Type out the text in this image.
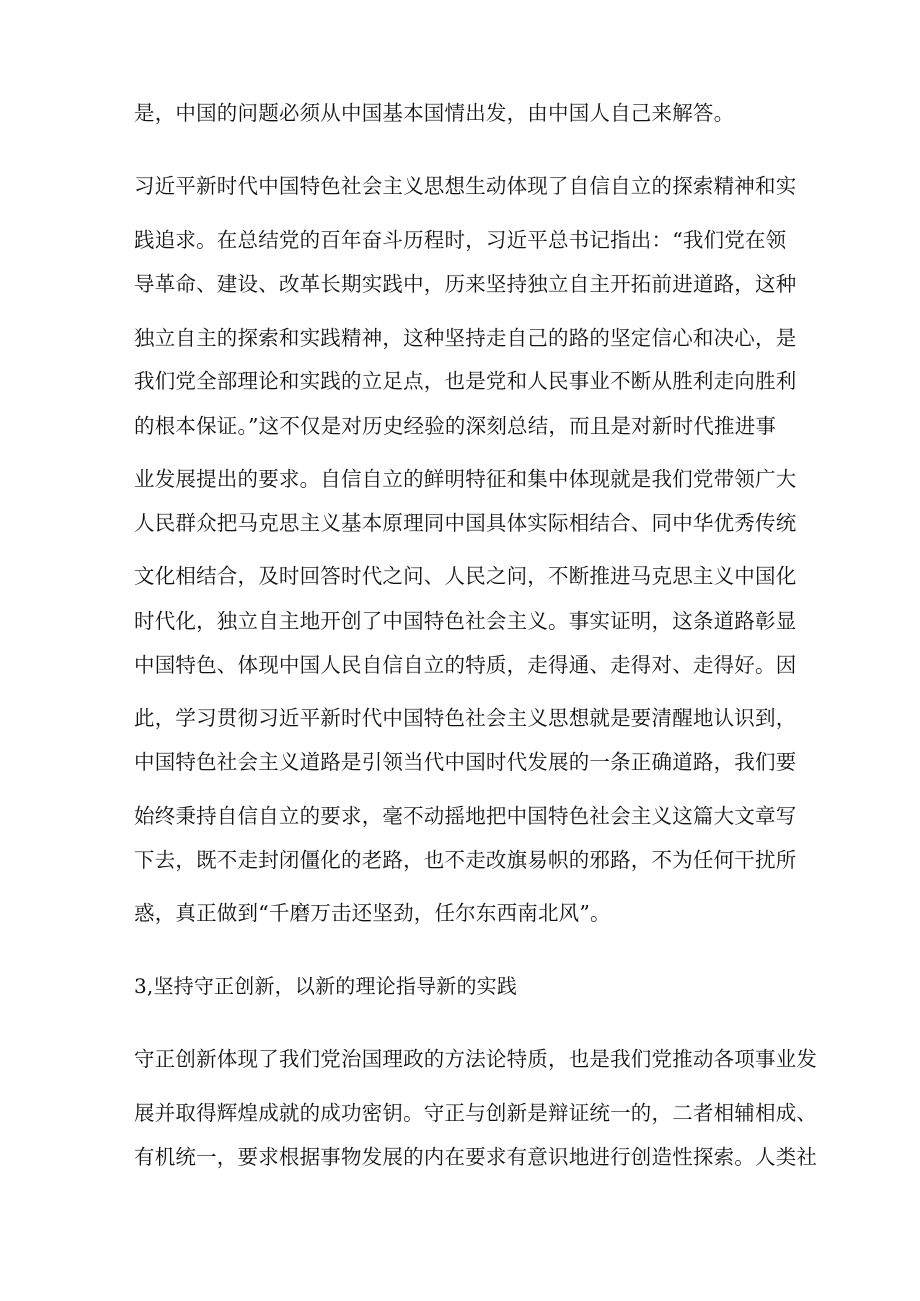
是，中国的问题必须从中国基本国情出发，由中国人自己来解答。

习近平新时代中国特色社会主义思想生动体现了自信自立的探索精神和实

践追求。在总结党的百年奋斗历程时，习近平总书记指出：“我们党在领

导革命、建设、改革长期实践中，历来坚持独立自主开拓前进道路，这种

独立自主的探索和实践精神，这种坚持走自己的路的坚定信心和决心，是

我们党全部理论和实践的立足点，也是党和人民事业不断从胜利走向胜利

的根本保证。”这不仅是对历史经验的深刻总结，而且是对新时代推进事

业发展提出的要求。自信自立的鲜明特征和集中体现就是我们党带领广大

人民群众把马克思主义基本原理同中国具体实际相结合、同中华优秀传统

文化相结合，及时回答时代之问、人民之问，不断推进马克思主义中国化

时代化，独立自主地开创了中国特色社会主义。事实证明，这条道路彰显

中国特色、体现中国人民自信自立的特质，走得通、走得对、走得好。因

此，学习贯彻习近平新时代中国特色社会主义思想就是要清醒地认识到，

中国特色社会主义道路是引领当代中国时代发展的一条正确道路，我们要

始终秉持自信自立的要求，毫不动摇地把中国特色社会主义这篇大文章写

下去，既不走封闭僵化的老路，也不走改旗易帜的邪路，不为任何干扰所

惑，真正做到“千磨万击还坚劲，任尔东西南北风”。

3,坚持守正创新，以新的理论指导新的实践

守正创新体现了我们党治国理政的方法论特质，也是我们党推动各项事业发

展并取得辉煌成就的成功密钥。守正与创新是辩证统一的，二者相辅相成、

有机统一，要求根据事物发展的内在要求有意识地进行创造性探索。人类社
